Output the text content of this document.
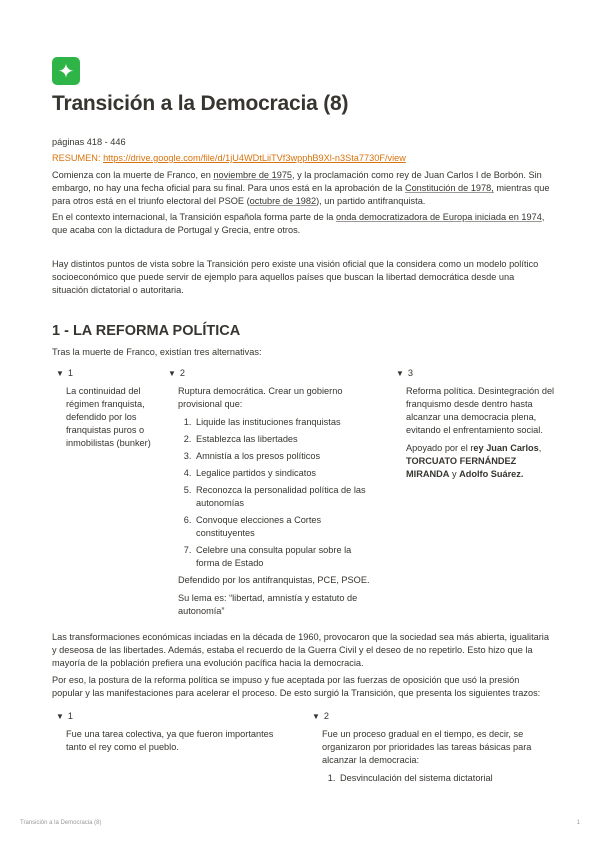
✦
Transición a la Democracia (8)

páginas 418 - 446

RESUMEN: https://drive.google.com/file/d/1jU4WDtLiiTVf3wpphB9Xl-n3Sta7730F/view

Comienza con la muerte de Franco, en noviembre de 1975, y la proclamación como rey de Juan Carlos I de Borbón. Sin embargo, no hay una fecha oficial para su final. Para unos está en la aprobación de la Constitución de 1978, mientras que para otros está en el triunfo electoral del PSOE (octubre de 1982), un partido antifranquista.

En el contexto internacional, la Transición española forma parte de la onda democratizadora de Europa iniciada en 1974, que acaba con la dictadura de Portugal y Grecia, entre otros.

Hay distintos puntos de vista sobre la Transición pero existe una visión oficial que la considera como un modelo político socioeconómico que puede servir de ejemplo para aquellos países que buscan la libertad democrática desde una situación dictatorial o autoritaria.

1 - LA REFORMA POLÍTICA

Tras la muerte de Franco, existían tres alternativas:

▼ 1
La continuidad del régimen franquista, defendido por los franquistas puros o inmobilistas (bunker)
▼ 2
Ruptura democrática. Crear un gobierno provisional que:
1. Liquide las instituciones franquistas
2. Establezca las libertades
3. Amnistía a los presos políticos
4. Legalice partidos y sindicatos
5. Reconozca la personalidad política de las autonomías
6. Convoque elecciones a Cortes constituyentes
7. Celebre una consulta popular sobre la forma de Estado
Defendido por los antifranquistas, PCE, PSOE.
Su lema es: “libertad, amnistía y estatuto de autonomía”
▼ 3
Reforma política. Desintegración del franquismo desde dentro hasta alcanzar una democracia plena, evitando el enfrentamiento social.
Apoyado por el rey Juan Carlos, TORCUATO FERNÁNDEZ MIRANDA y Adolfo Suárez.

Las transformaciones económicas inciadas en la década de 1960, provocaron que la sociedad sea más abierta, igualitaria y deseosa de las libertades. Además, estaba el recuerdo de la Guerra Civil y el deseo de no repetirlo. Esto hizo que la mayoría de la población prefiera una evolución pacífica hacia la democracia.

Por eso, la postura de la reforma política se impuso y fue aceptada por las fuerzas de oposición que usó la presión popular y las manifestaciones para acelerar el proceso. De esto surgió la Transición, que presenta los siguientes trazos:

▼ 1
Fue una tarea colectiva, ya que fueron importantes tanto el rey como el pueblo.
▼ 2
Fue un proceso gradual en el tiempo, es decir, se organizaron por prioridades las tareas básicas para alcanzar la democracia:
1. Desvinculación del sistema dictatorial
Transición a la Democracia (8)	1
